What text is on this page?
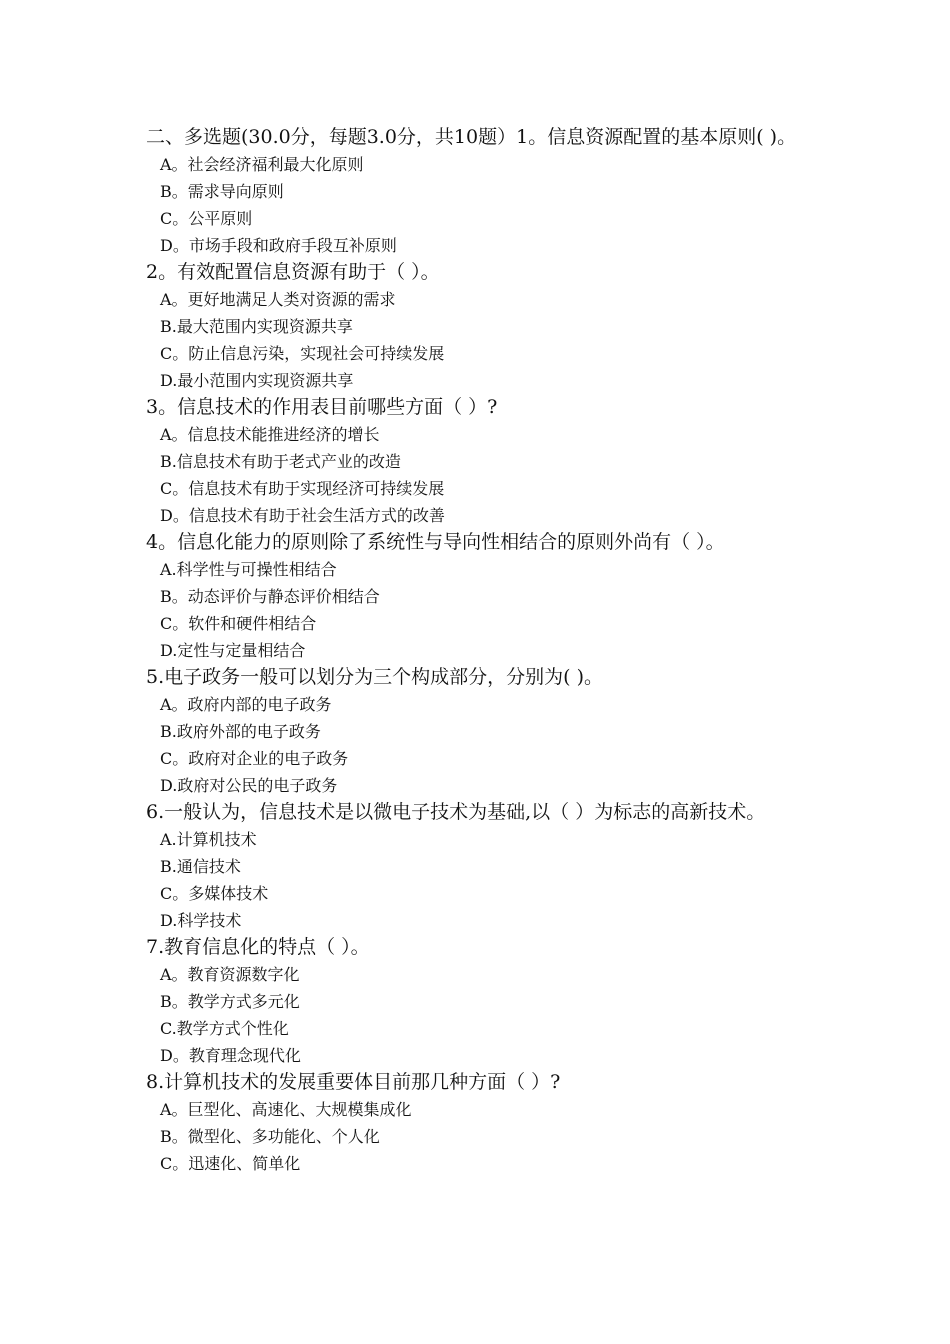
二、多选题(30.0分，每题3.0分，共10题）1。信息资源配置的基本原则( )。

A。社会经济福利最大化原则

B。需求导向原则

C。公平原则

D。市场手段和政府手段互补原则

2。有效配置信息资源有助于（ ）。

A。更好地满足人类对资源的需求

B.最大范围内实现资源共享

C。防止信息污染，实现社会可持续发展

D.最小范围内实现资源共享

3。信息技术的作用表目前哪些方面（ ）?

A。信息技术能推进经济的增长

B.信息技术有助于老式产业的改造

C。信息技术有助于实现经济可持续发展

D。信息技术有助于社会生活方式的改善

4。信息化能力的原则除了系统性与导向性相结合的原则外尚有（ ）。

A.科学性与可操性相结合

B。动态评价与静态评价相结合

C。软件和硬件相结合

D.定性与定量相结合

5.电子政务一般可以划分为三个构成部分，分别为( )。

A。政府内部的电子政务

B.政府外部的电子政务

C。政府对企业的电子政务

D.政府对公民的电子政务

6.一般认为，信息技术是以微电子技术为基础,以（ ）为标志的高新技术。

A.计算机技术

B.通信技术

C。多媒体技术

D.科学技术

7.教育信息化的特点（ ）。

A。教育资源数字化

B。教学方式多元化

C.教学方式个性化

D。教育理念现代化

8.计算机技术的发展重要体目前那几种方面（ ）?

A。巨型化、高速化、大规模集成化

B。微型化、多功能化、个人化

C。迅速化、简单化
